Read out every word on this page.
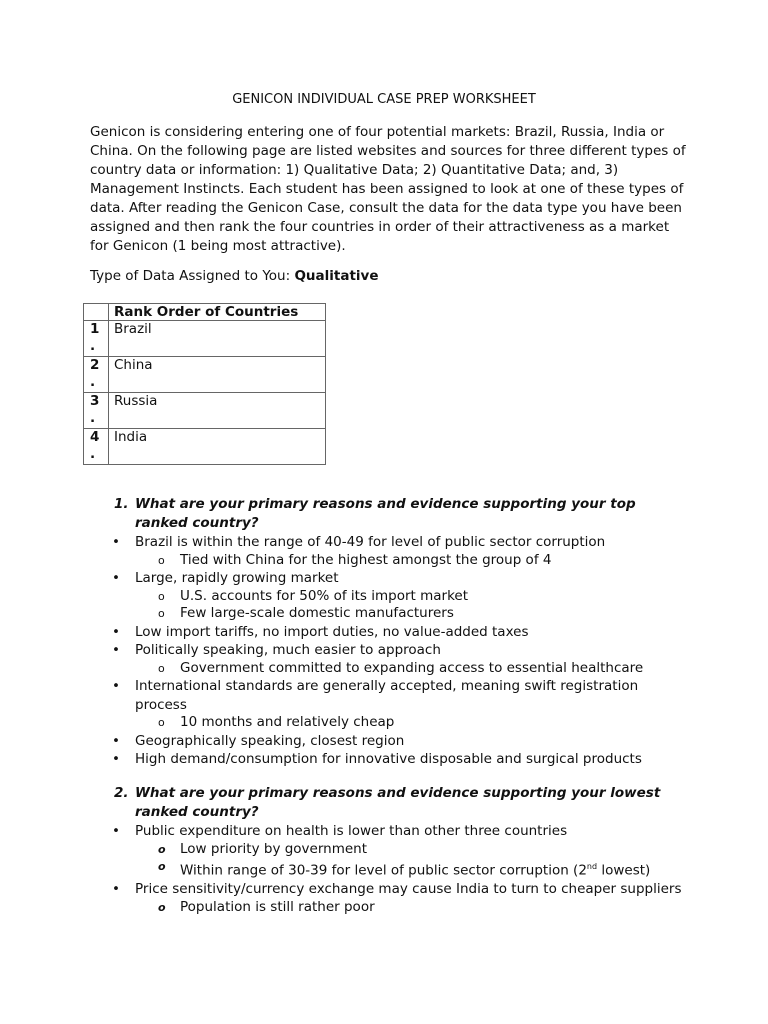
GENICON INDIVIDUAL CASE PREP WORKSHEET

Genicon is considering entering one of four potential markets: Brazil, Russia, India or China. On the following page are listed websites and sources for three different types of country data or information: 1) Qualitative Data; 2) Quantitative Data; and, 3) Management Instincts. Each student has been assigned to look at one of these types of data. After reading the Genicon Case, consult the data for the data type you have been assigned and then rank the four countries in order of their attractiveness as a market for Genicon (1 being most attractive).

Type of Data Assigned to You: Qualitative

	Rank Order of Countries

1
.	Brazil

2
.	China

3
.	Russia

4
.	India

1. What are your primary reasons and evidence supporting your top ranked country?

• Brazil is within the range of 40-49 for level of public sector corruption
o Tied with China for the highest amongst the group of 4
• Large, rapidly growing market
o U.S. accounts for 50% of its import market
o Few large-scale domestic manufacturers
• Low import tariffs, no import duties, no value-added taxes
• Politically speaking, much easier to approach
o Government committed to expanding access to essential healthcare
• International standards are generally accepted, meaning swift registration process
o 10 months and relatively cheap
• Geographically speaking, closest region
• High demand/consumption for innovative disposable and surgical products

2. What are your primary reasons and evidence supporting your lowest ranked country?

• Public expenditure on health is lower than other three countries
o Low priority by government
o Within range of 30-39 for level of public sector corruption (2nd lowest)
• Price sensitivity/currency exchange may cause India to turn to cheaper suppliers
o Population is still rather poor
